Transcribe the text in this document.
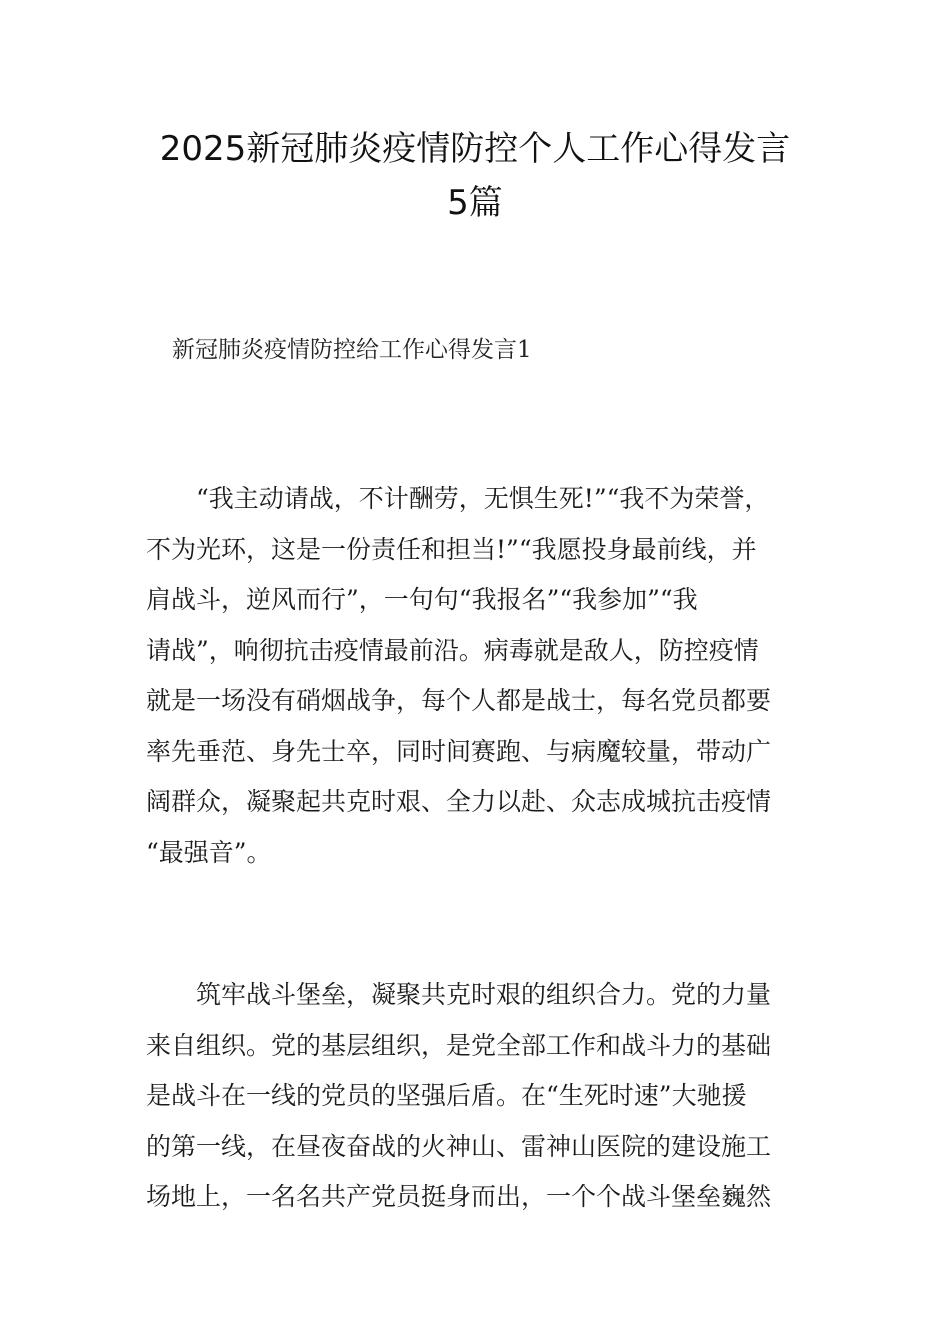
2025新冠肺炎疫情防控个人工作心得发言
5篇

新冠肺炎疫情防控给工作心得发言1

“我主动请战，不计酬劳，无惧生死!”“我不为荣誉，
不为光环，这是一份责任和担当!”“我愿投身最前线，并
肩战斗，逆风而行”，一句句“我报名”“我参加”“我
请战”，响彻抗击疫情最前沿。病毒就是敌人，防控疫情
就是一场没有硝烟战争，每个人都是战士，每名党员都要
率先垂范、身先士卒，同时间赛跑、与病魔较量，带动广
阔群众，凝聚起共克时艰、全力以赴、众志成城抗击疫情
“最强音”。

筑牢战斗堡垒，凝聚共克时艰的组织合力。党的力量
来自组织。党的基层组织，是党全部工作和战斗力的基础
是战斗在一线的党员的坚强后盾。在“生死时速”大驰援
的第一线，在昼夜奋战的火神山、雷神山医院的建设施工
场地上，一名名共产党员挺身而出，一个个战斗堡垒巍然
